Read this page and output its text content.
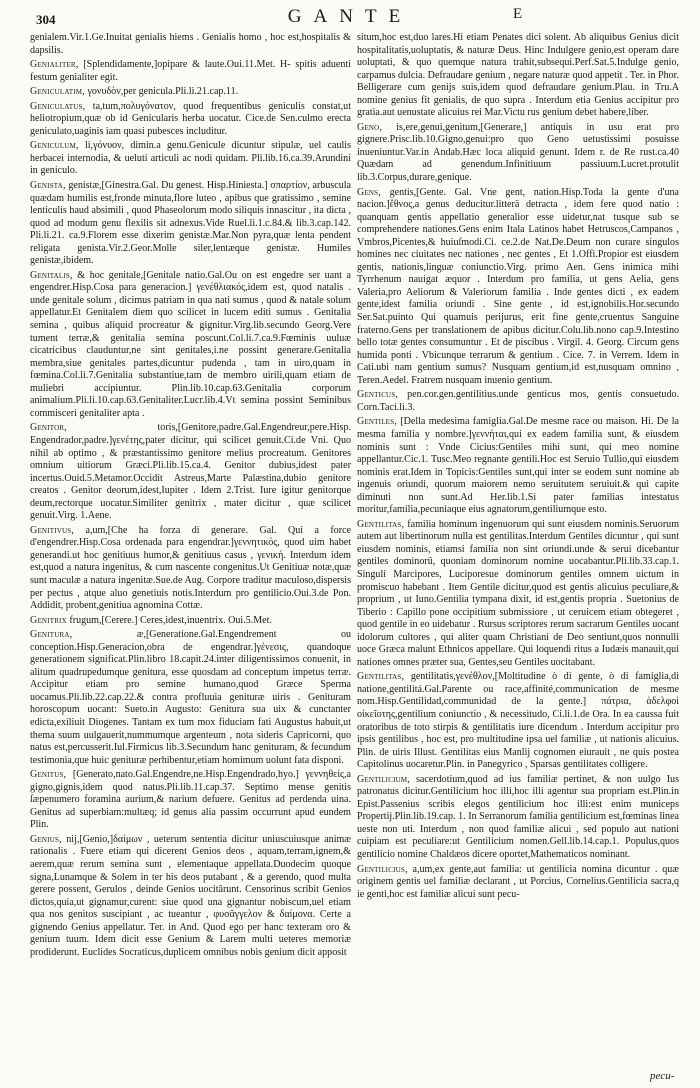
304	GANTE	E

genialem.Vir.1.Ge.Inuitat genialis hiems . Genialis homo , hoc est,hospitalis & dapsilis.

Genialiter, [Splendidamente,]opipare & laute.Oui.11.Met. H- spitis aduenti festum genialiter egit.

Geniculatim, γονυδὸν,per genicula.Pli.li.21.cap.11.

Geniculatus, ta,tum,πολυγόνατον, quod frequentibus geniculis constat,ut heliotropium,quæ ob id Genicularis herba uocatur. Cice.de Sen.culmo erecta geniculato,uaginis iam quasi pubesces includitur.

Geniculum, li,γόνυον, dimin.a genu.Genicule dicuntur stipulæ, uel caulis herbacei internodia, & ueluti articuli ac nodi quidam. Pli.lib.16.ca.39.Arundini in geniculo.

Genista, genistæ,[Ginestra.Gal. Du genest. Hisp.Hiniesta.] σπαρτίον, arbuscula quædam humilis est,fronde minuta,flore luteo , apibus que gratissimo , semine lenticulis haud absimili , quod Phaseolorum modo siliquis innascitur , ita dicta , quod ad modum genu flexilis sit adnexus.Vide Ruel.li.1.c.84.& lib.3.cap.142. Pli.li.21. ca.9.Florem esse dixerim genistæ.Mar.Non pyra,quæ lenta pendent religata genista.Vir.2.Geor.Molle siler,lentæque genistæ. Humiles genistæ,ibidem.

Genitalis, & hoc genitale,[Genitale natio.Gal.Ou on est engedre ser uant a engendrer.Hisp.Cosa para generacion.] γενέθλιακός,idem est, quod natalis . unde genitale solum , dicimus patriam in qua nati sumus , quod & natale solum appellatur.Et Genitalem diem quo scilicet in lucem editi sumus . Genitalia semina , quibus aliquid procreatur & gignitur.Virg.lib.secundo Georg.Vere tument terræ,& genitalia semina poscunt.Col.li.7.ca.9.Fœminis uuluæ cicatricibus clauduntur,ne sint genitales,i.ne possint generare.Genitalia membra,siue genitales partes,dicuntur pudenda , tam in uiro,quam in fœmina.Col.li.7.Genitalia substantiue,tam de membro uirili,quam etiam de muliebri accipiuntur. Plin.lib.10.cap.63.Genitalia corporum animalium.Pli.li.10.cap.63.Genitaliter.Lucr.lib.4.Vt semina possint Seminibus commisceri genitaliter apta .

Genitor,	toris,[Genitore,padre.Gal.Engendreur,pere.Hisp. Engendrador,padre.]γενέτης,pater dicitur, qui scilicet genuit.Ci.de Vni. Quo nihil ab optimo , & præstantissimo genitore melius procreatum. Genitores omnium uitiorum Græci.Pli.lib.15.ca.4. Genitor dubius,idest pater incertus.Ouid.5.Metamor.Occidit Astreus,Marte Palæstina,dubio genitore creatos . Genitor deorum,idest,Iupiter . Idem 2.Trist. Iure igitur genitorque deum,rectorque uocatur.Similiter genitrix , mater dicitur , quæ scilicet genuit.Virg. 1.Aene.

Genitivus, a,um,[Che ha forza di generare. Gal. Qui a force d'engendrer.Hisp.Cosa ordenada para engendrar.]γεννητικός, quod uim habet generandi.ut hoc genitiuus humor,& genitiuus casus , γενική. Interdum idem est,quod a natura ingenitus, & cum nascente congenitus.Ut Genitiuæ notæ,quæ sunt maculæ a natura ingenitæ.Sue.de Aug. Corpore traditur maculoso,dispersis per pectus , atque aluo genetiuis notis.Interdum pro gentilicio.Oui.3.de Pon. Addidit, probent,genitiua agnomina Cottæ.

Genitrix frugum,[Cerere.] Ceres,idest,inuentrix. Oui.5.Met.

Genitura,	æ,[Generatione.Gal.Engendrement ou conception.Hisp.Generacion,obra de engendrar.]γένεσις, quandoque generationem significat.Plin.libro 18.capit.24.inter diligentissimos conuenit, in alitum quadrupedumque genitura, esse quosdam ad conceptum impetus terræ. Accipitur etiam pro semine humano,quod Græce Sperma uocamus.Pli.lib.22.cap.22.& contra profluuia genituræ uiris . Genituram horoscopum uocant: Sueto.in Augusto: Genitura sua uix & cunctanter edicta,exiliuit Diogenes. Tantam ex tum mox fiduciam fati Augustus habuit,ut thema suum uulgauerit,nummumque argenteum , nota sideris Capricorni, quo natus est,percusserit.Iul.Firmicus lib.3.Secundum hanc genituram, & fecundum testimonia,que huic genituræ perhibentur,etiam homimum uolunt fata disponi.

Genitus, [Generato,nato.Gal.Engendre,ne.Hisp.Engendrado,hyo.] γεννηθείς,a gigno,gignis,idem quod natus.Pli.lib.11.cap.37. Septimo mense genitis ſæpenumero foramina aurium,& narium defuere. Genitus ad perdenda uina. Genitus ad superbiam:multæq; id genus alia passim occurrunt apud eundem Plin.

Genius, nij,[Genio,]δαίμων , ueterum sententia dicitur uniuscuiusque animæ rationalis . Fuere etiam qui dicerent Genios deos , aquam,terram,ignem,& aerem,quæ rerum semina sunt , elementaque appellata.Duodecim quoque signa,Lunamque & Solem in ter his deos putabant , & a gerendo, quod multa gerere possent, Gerulos , deinde Genios uocitârunt. Censorinus scribit Genios dictos,quia,ut gignamur,curent: siue quod una gignantur nobiscum,uel etiam qua nos genitos suscipiant , ac tueantur , φυσᾶγγελον & δαίμονα. Certe a gignendo Genius appellatur. Ter. in And. Quod ego per hanc texteram oro & genium tuum. Idem dicit esse Genium & Larem multi ueteres memoriæ prodiderunt. Euclides Socraticus,duplicem omnibus nobis genium dicit apposit

situm,hoc est,duo lares.Hi etiam Penates dici solent. Ab aliquibus Genius dicit hospitalitatis,uoluptatis, & naturæ Deus. Hinc Indulgere genio,est operam dare uoluptati, & quo quemque natura trahit,subsequi.Perf.Sat.5.Indulge genio, carpamus dulcia. Defraudare genium , negare naturæ quod appetit . Ter. in Phor. Belligerare cum genijs suis,idem quod defraudare genium.Plau. in Tru.A nomine genius fit genialis, de quo supra . Interdum etia Genius accipitur pro gratia.aut uenustate alicuius rei Mar.Victu rus genium debet habere,liber.

Geno, is,ere,genui,genitum,[Generare,] antiquis in usu erat pro gignere.Prisc.lib.10.Gigno,genui:pro quo Geno uetustissimi posuisse inueniuntur.Var.in Andab.Hæc loca aliquid genunt. Idem r. de Re rust.ca.40 Quædam ad genendum.Infinitiuum passiuum.Lucret.protulit lib.3.Corpus,durare,genique.

Gens, gentis,[Gente. Gal. Vne gent, nation.Hisp.Toda la gente d'una nacion.]ἔθνος,a genus deducitur.litterä detracta , idem fere quod natio : quanquam gentis appellatio generalior esse uidetur,nat tusque sub se comprehendere nationes.Gens enim Itala Latinos habet Hetruscos,Campanos , Vmbros,Picentes,& huiuſmodi.Ci. ce.2.de Nat.De.Deum non curare singulos homines nec ciuitates nec nationes , nec gentes , Et 1.Offi.Propior est eiusdem gentis, nationis,linguæ coniunctio.Virg. primo Aen. Gens inimica mihi Tyrrhenum nauigat æquor . Interdum pro familia, ut gens Aelia, gens Valeria,pro Aeliorum & Valeriorum familia . Inde gentes dicti , ex eadem gente,idest familia oriundi . Sine gente , id est,ignobilis.Hor.secundo Ser.Sat.puinto Qui quamuis perijurus, erit fine gente,cruentus Sanguine fraterno.Gens per translationem de apibus dicitur.Colu.lib.nono cap.9.Intestino bello totæ gentes consumuntur . Et de piscibus . Virgil. 4. Georg. Circum gens humida ponti . Vbicunque terrarum & gentium . Cice. 7. in Verrem. Idem in Cati.ubi nam gentium sumus? Nusquam gentium,id est,nusquam omnino , Teren.Aedel. Fratrem nusquam inuenio gentium.

Genticus, pen.cor.gen.gentilitius.unde genticus mos, gentis consuetudo. Corn.Taci.li.3.

Gentiles, [Della medesima famiglia.Gal.De mesme race ou maison. Hi. De la mesma familia y nombre.]γεννήται,qui ex eadem familia sunt, & eiusdem nominis sunt : Vnde Cicius:Gentiles mihi sunt, qui meo nomine appellantur.Cic.1. Tusc.Meo regnante gentili.Hoc est Seruio Tullio,qui eiusdem nominis erat.Idem in Topicis:Gentiles sunt,qui inter se eodem sunt nomine ab ingenuis oriundi, quorum maiorem nemo seruitutem seruiuit.& qui capite diminuti non sunt.Ad Her.lib.1.Si pater familias intestatus moritur,familia,pecuniaque eius agnatorum,gentiliumque esto.

Gentilitas, familia hominum ingenuorum qui sunt eiusdem nominis.Seruorum autem aut libertinorum nulla est gentilitas.Interdum Gentiles dicuntur , qui sunt eiusdem nominis, etiamsi familia non sint oriundi.unde & serui dicebantur gentiles dominorū, quoniam dominorum nomine uocabantur.Pli.lib.33.cap.1. Singuli Marcipores, Luciporesue dominorum gentiles omnem uictum in promiscuo habebant . Item Gentile dicitur,quod est gentis alicuius peculiare,& proprium , ut Iuno.Gentilia tympana dixit, id est,gentis propria . Suetonius de Tiberio : Capillo pone occipitium submissiore , ut ceruicem etiam obtegeret , quod gentile in eo uidebatur . Rursus scriptores rerum sacrarum Gentiles uocant idolorum cultores , qui aliter quam Christiani de Deo sentiunt,quos nonnulli uoce Græca malunt Ethnicos appellare. Qui loquendi ritus a Iudæis manauit,qui nationes omnes præter sua, Gentes,seu Gentiles uocitabant.

Gentilitas, gentilitatis,γενέθλον,[Moltitudine ò di gente, ò di famiglia,di natione,gentilitá.Gal.Parente ou race,affinité,communication de mesme nom.Hisp.Gentilidad,communidad de la gente.] πάτρια, ἀδελφοὶ οἰκεῖοτης,gentilium coniunctio , & necessitudo, Ci.li.1.de Ora. In ea caussa fuit oratoribus de toto stirpis & gentilitatis iure dicendum . Interdum accipitur pro ipsis gentilibus , hoc est, pro multitudine ipsa uel familiæ , ut nationis alicuius. Plin. de uiris Illust. Gentilitas eius Manlij cognomen eiurauit , ne quis postea Capitolinus uocaretur.Plin. in Panegyrico , Sparsas gentilitates colligere.

Gentilicium, sacerdotium,quod ad ius familiæ pertinet, & non uulgo Ius patronatus dicitur.Gentilicium hoc illi,hoc illi agentur sua propriam est.Plin.in Epist.Passenius scribis elegos gentilicium hoc illi:est enim municeps Propertij.Plin.lib.19.cap. 1. In Serranorum familia gentilicium est,fœminas linea ueste non uti. Interdum , non quod familiæ alicui , sed populo aut nationi cuipiam est peculiare:ut Gentilicium nomen.Gell.lib.14.cap.1. Populus,quos gentilicio nomine Chaldæos dicere oportet,Mathematicos nominant.

Gentilicius, a,um,ex gente,aut familia: ut gentilicia nomina dicuntur . quæ originem gentis uel familiæ declarant , ut Porcius, Cornelius.Gentilicia sacra,q ie genti,hoc est familiæ alicui sunt pecu-

pecu-
